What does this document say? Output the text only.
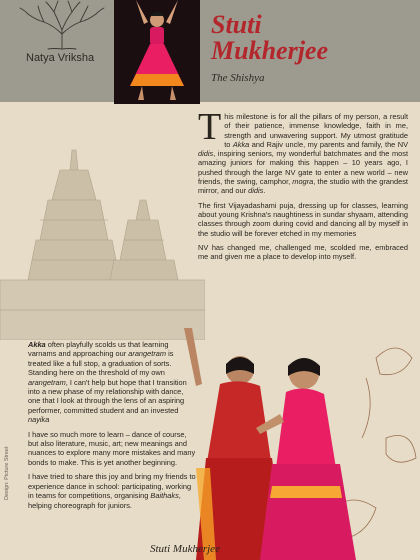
Natya Vriksha
Stuti
Mukherjee
The Shishya

This milestone is for all the pillars of my person, a result of their patience, immense knowledge, faith in me, strength and unwavering support. My utmost gratitude to Akka and Rajiv uncle, my parents and family, the NV didis, inspiring seniors, my wonderful batchmates and the most amazing juniors for making this happen – 10 years ago, I pushed through the large NV gate to enter a new world – new friends, the swing, camphor, mogra, the studio with the grandest mirror, and our didis.

The first Vijayadashami puja, dressing up for classes, learning about young Krishna's naughtiness in sundar shyaam, attending classes through zoom during covid and dancing all by myself in the studio will be forever etched in my memories

NV has changed me, challenged me, scolded me, embraced me and given me a place to develop into myself.

Akka often playfully scolds us that learning varnams and approaching our arangetram is treated like a full stop, a graduation of sorts. Standing here on the threshold of my own arangetram, I can't help but hope that I transition into a new phase of my relationship with dance, one that I look at through the lens of an aspiring performer, committed student and an invested nayika

I have so much more to learn – dance of course, but also literature, music, art; new meanings and nuances to explore many more mistakes and many bonds to make. This is yet another beginning.

I have tried to share this joy and bring my friends to experience dance in school: participating, working in teams for competitions, organising Baithaks, helping choreograph for juniors.

Design: Picture Street
Stuti Mukherjee
